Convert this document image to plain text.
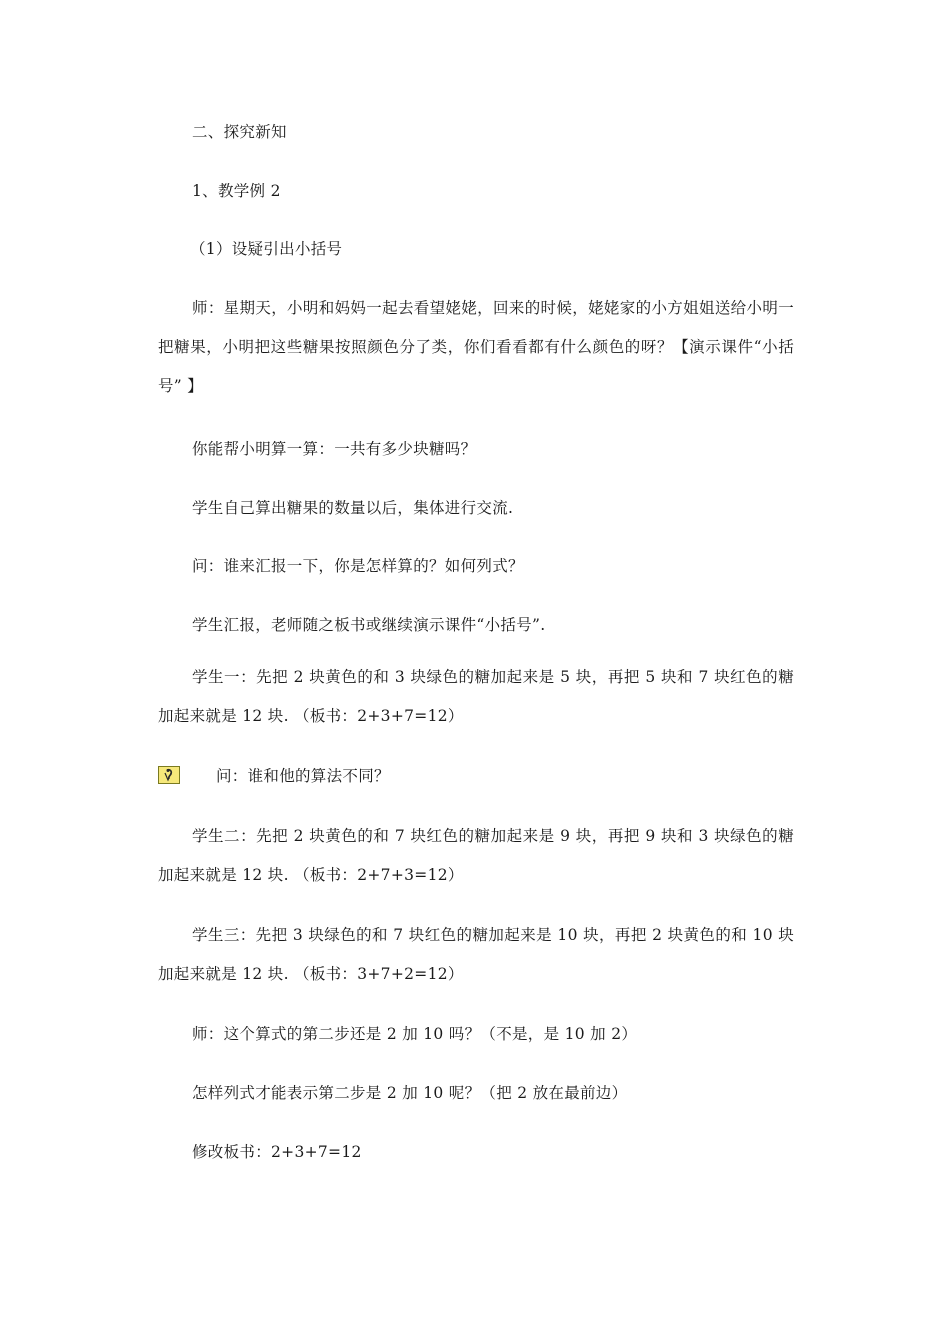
二、探究新知

1、教学例 2

（1）设疑引出小括号

师：星期天，小明和妈妈一起去看望姥姥，回来的时候，姥姥家的小方姐姐送给小明一把糖果，小明把这些糖果按照颜色分了类，你们看看都有什么颜色的呀？【演示课件“小括号” 】

你能帮小明算一算：一共有多少块糖吗？

学生自己算出糖果的数量以后，集体进行交流.

问：谁来汇报一下，你是怎样算的？如何列式？

学生汇报，老师随之板书或继续演示课件“小括号”.

学生一：先把 2 块黄色的和 3 块绿色的糖加起来是 5 块，再把 5 块和 7 块红色的糖加起来就是 12 块. （板书：2+3+7=12）

问：谁和他的算法不同？

学生二：先把 2 块黄色的和 7 块红色的糖加起来是 9 块，再把 9 块和 3 块绿色的糖加起来就是 12 块. （板书：2+7+3=12）

学生三：先把 3 块绿色的和 7 块红色的糖加起来是 10 块，再把 2 块黄色的和 10 块加起来就是 12 块. （板书：3+7+2=12）

师：这个算式的第二步还是 2 加 10 吗？（不是，是 10 加 2）

怎样列式才能表示第二步是 2 加 10 呢？（把 2 放在最前边）

修改板书：2+3+7=12
